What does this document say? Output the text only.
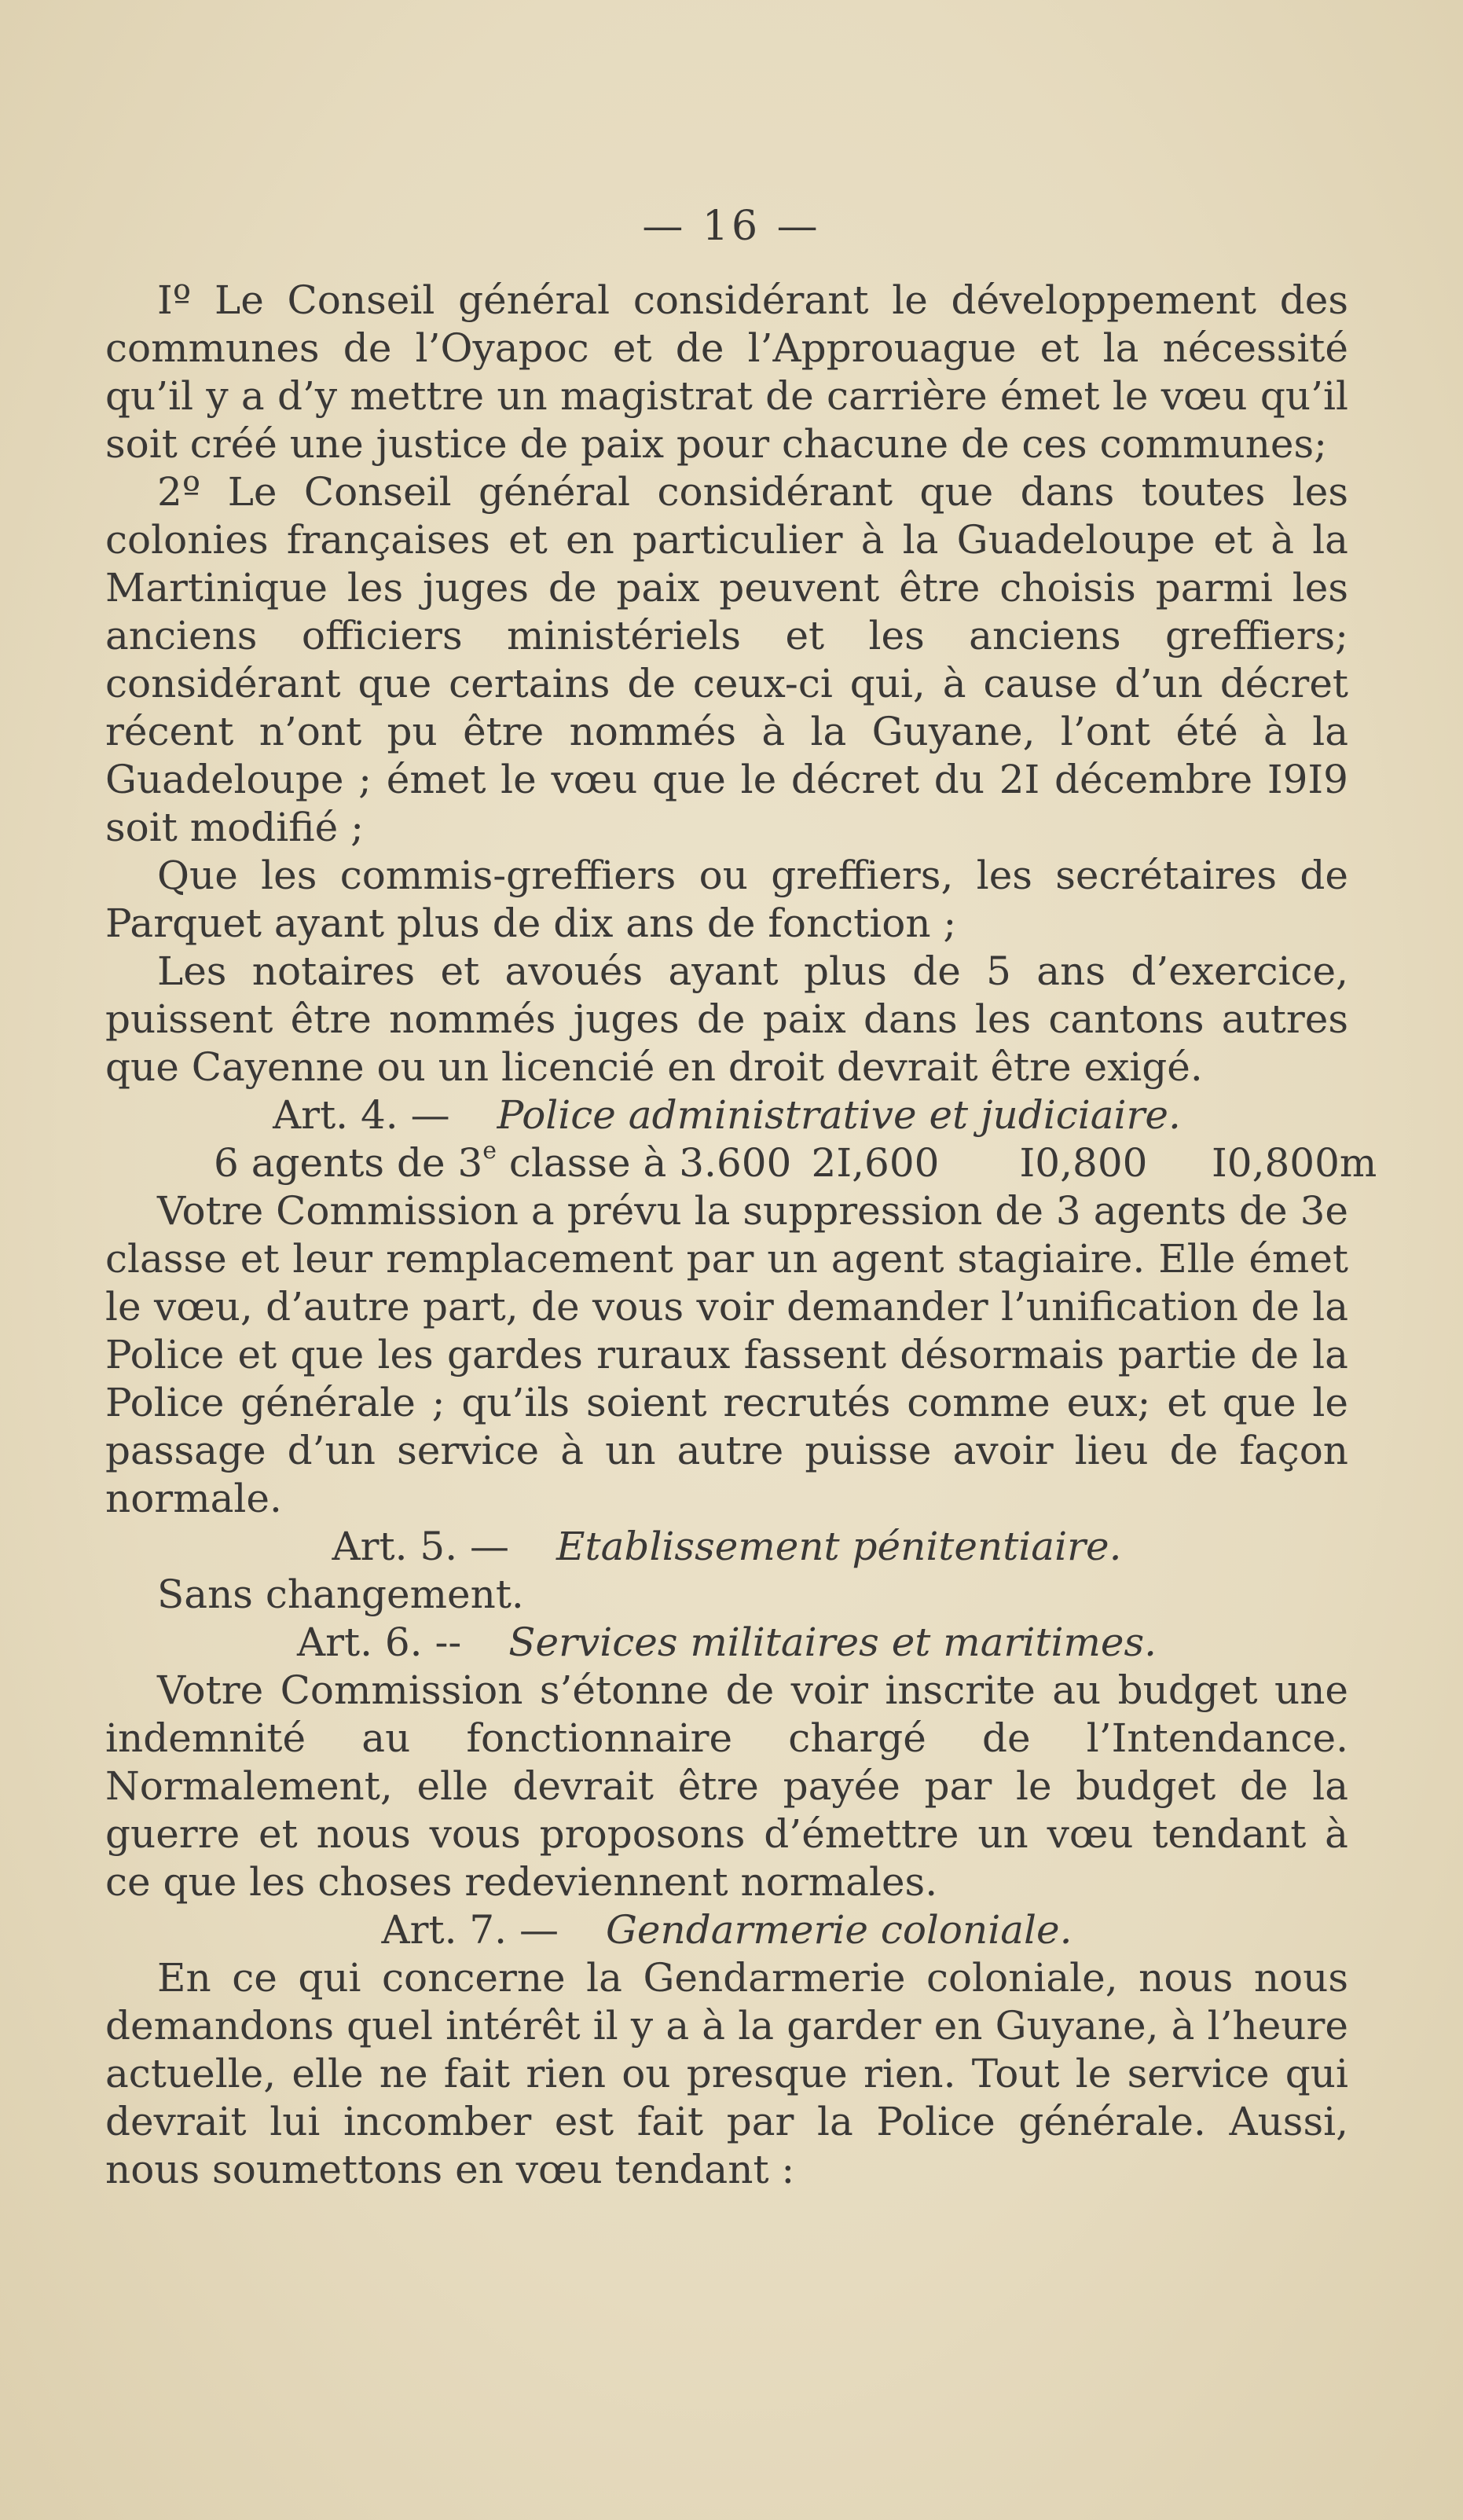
— 16 —

Iº Le Conseil général considérant le développement des communes de l’Oyapoc et de l’Approuague et la nécessité qu’il y a d’y mettre un magistrat de carrière émet le vœu qu’il soit créé une justice de paix pour chacune de ces communes;

2º Le Conseil général considérant que dans toutes les colonies françaises et en particulier à la Guadeloupe et à la Martinique les juges de paix peuvent être choisis parmi les anciens officiers ministériels et les anciens greffiers; considérant que certains de ceux-ci qui, à cause d’un décret récent n’ont pu être nommés à la Guyane, l’ont été à la Guadeloupe ; émet le vœu que le décret du 2I décembre I9I9 soit modifié ;

Que les commis-greffiers ou greffiers, les secrétaires de Parquet ayant plus de dix ans de fonction ;

Les notaires et avoués ayant plus de 5 ans d’exercice, puissent être nommés juges de paix dans les cantons autres que Cayenne ou un licencié en droit devrait être exigé.

Art. 4. — Police administrative et judiciaire.

6 agents de 3e classe à 3.600 2I,600	I0,800	I0,800m

Votre Commission a prévu la suppression de 3 agents de 3e classe et leur remplacement par un agent stagiaire. Elle émet le vœu, d’autre part, de vous voir demander l’unification de la Police et que les gardes ruraux fassent désormais partie de la Police générale ; qu’ils soient recrutés comme eux; et que le passage d’un service à un autre puisse avoir lieu de façon normale.

Art. 5. — Etablissement pénitentiaire.

Sans changement.

Art. 6. -- Services militaires et maritimes.

Votre Commission s’étonne de voir inscrite au budget une indemnité au fonctionnaire chargé de l’Intendance. Normalement, elle devrait être payée par le budget de la guerre et nous vous proposons d’émettre un vœu tendant à ce que les choses redeviennent normales.

Art. 7. — Gendarmerie coloniale.

En ce qui concerne la Gendarmerie coloniale, nous nous demandons quel intérêt il y a à la garder en Guyane, à l’heure actuelle, elle ne fait rien ou presque rien. Tout le service qui devrait lui incomber est fait par la Police générale. Aussi, nous soumettons en vœu tendant :
